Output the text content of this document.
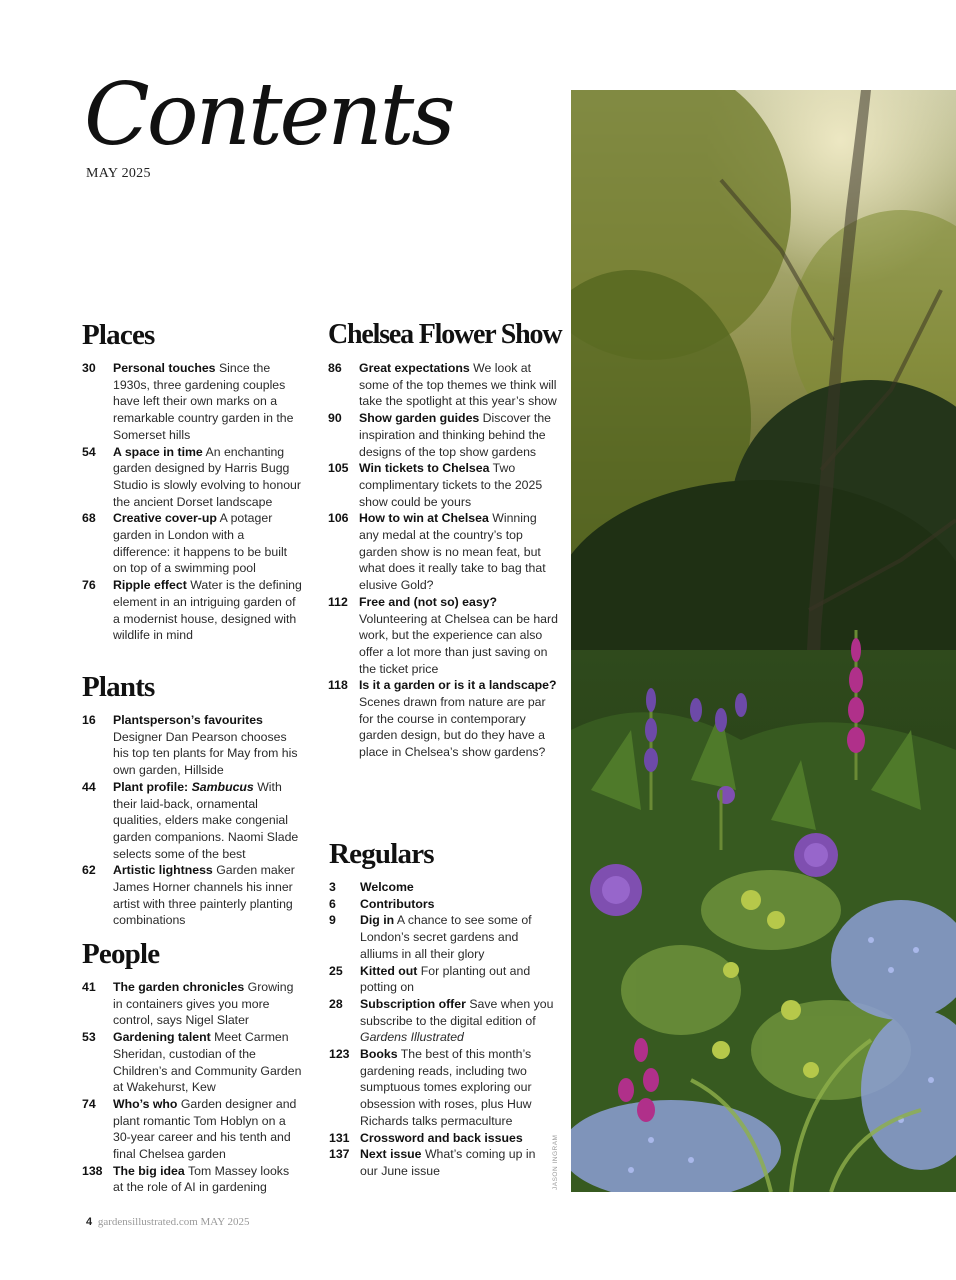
Contents
MAY 2025
Places
30	Personal touches Since the 1930s, three gardening couples have left their own marks on a remarkable country garden in the Somerset hills
54	A space in time An enchanting garden designed by Harris Bugg Studio is slowly evolving to honour the ancient Dorset landscape
68	Creative cover-up A potager garden in London with a difference: it happens to be built on top of a swimming pool
76	Ripple effect Water is the defining element in an intriguing garden of a modernist house, designed with wildlife in mind
Plants
16	Plantsperson’s favourites Designer Dan Pearson chooses his top ten plants for May from his own garden, Hillside
44	Plant profile: Sambucus With their laid-back, ornamental qualities, elders make congenial garden companions. Naomi Slade selects some of the best
62	Artistic lightness Garden maker James Horner channels his inner artist with three painterly planting combinations
People
41	The garden chronicles Growing in containers gives you more control, says Nigel Slater
53	Gardening talent Meet Carmen Sheridan, custodian of the Children’s and Community Garden at Wakehurst, Kew
74	Who’s who Garden designer and plant romantic Tom Hoblyn on a 30-year career and his tenth and final Chelsea garden
138 The big idea Tom Massey looks at the role of AI in gardening
Chelsea Flower Show
86	Great expectations We look at some of the top themes we think will take the spotlight at this year’s show
90	Show garden guides Discover the inspiration and thinking behind the designs of the top show gardens
105 Win tickets to Chelsea Two complimentary tickets to the 2025 show could be yours
106 How to win at Chelsea Winning any medal at the country’s top garden show is no mean feat, but what does it really take to bag that elusive Gold?
112 Free and (not so) easy? Volunteering at Chelsea can be hard work, but the experience can also offer a lot more than just saving on the ticket price
118 Is it a garden or is it a landscape? Scenes drawn from nature are par for the course in contemporary garden design, but do they have a place in Chelsea’s show gardens?
Regulars
3	Welcome
6	Contributors
9	Dig in A chance to see some of London’s secret gardens and alliums in all their glory
25	Kitted out For planting out and potting on
28	Subscription offer Save when you subscribe to the digital edition of Gardens Illustrated
123 Books The best of this month’s gardening reads, including two sumptuous tomes exploring our obsession with roses, plus Huw Richards talks permaculture
131 Crossword and back issues
137 Next issue What’s coming up in our June issue	JASON INGRAM
4 gardensillustrated.com MAY 2025
